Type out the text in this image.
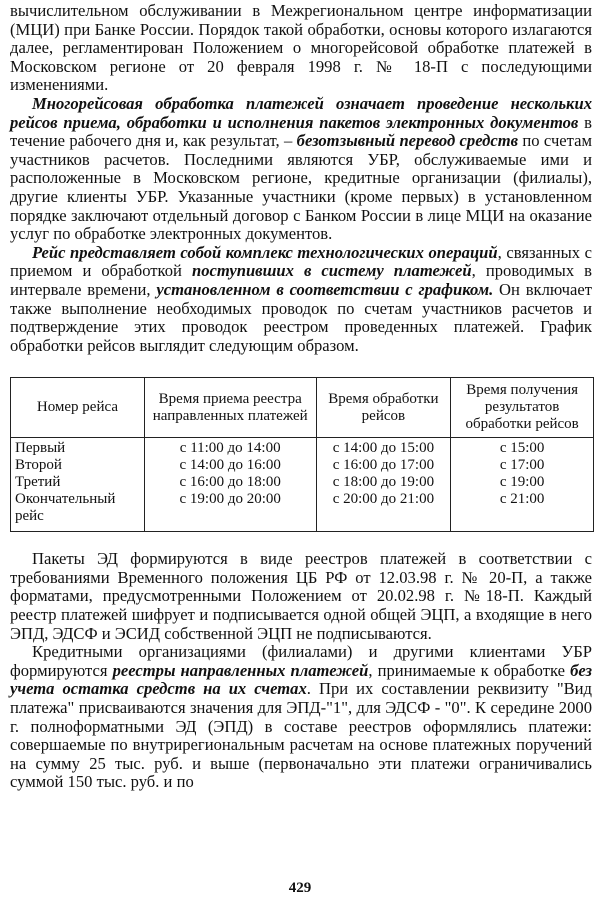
вычислительном обслуживании в Межрегиональном центре информатизации (МЦИ) при Банке России. Порядок такой обработки, основы которого излагаются далее, регламентирован Положением о многорейсовой обработке платежей в Московском регионе от 20 февраля 1998 г. № 18-П с последующими изменениями.

Многорейсовая обработка платежей означает проведение нескольких рейсов приема, обработки и исполнения пакетов электронных документов в течение рабочего дня и, как результат, – безотзывный перевод средств по счетам участников расчетов. Последними являются УБР, обслуживаемые ими и расположенные в Московском регионе, кредитные организации (филиалы), другие клиенты УБР. Указанные участники (кроме первых) в установленном порядке заключают отдельный договор с Банком России в лице МЦИ на оказание услуг по обработке электронных документов.

Рейс представляет собой комплекс технологических операций, связанных с приемом и обработкой поступивших в систему платежей, проводимых в интервале времени, установленном в соответствии с графиком. Он включает также выполнение необходимых проводок по счетам участников расчетов и подтверждение этих проводок реестром проведенных платежей. График обработки рейсов выглядит следующим образом.

Номер рейса	Время приема реестра направленных платежей	Время обработки рейсов	Время получения результатов обработки рейсов
Первый	с 11:00 до 14:00	с 14:00 до 15:00	с 15:00
Второй	с 14:00 до 16:00	с 16:00 до 17:00	с 17:00
Третий	с 16:00 до 18:00	с 18:00 до 19:00	с 19:00
Окончательный рейс	с 19:00 до 20:00	с 20:00 до 21:00	с 21:00

Пакеты ЭД формируются в виде реестров платежей в соответствии с требованиями Временного положения ЦБ РФ от 12.03.98 г. № 20-П, а также форматами, предусмотренными Положением от 20.02.98 г. №18-П. Каждый реестр платежей шифрует и подписывается одной общей ЭЦП, а входящие в него ЭПД, ЭДСФ и ЭСИД собственной ЭЦП не подписываются.

Кредитными организациями (филиалами) и другими клиентами УБР формируются реестры направленных платежей, принимаемые к обработке без учета остатка средств на их счетах. При их составлении реквизиту "Вид платежа" присваиваются значения для ЭПД-"1", для ЭДСФ - "0". К середине 2000 г. полноформатными ЭД (ЭПД) в составе реестров оформлялись платежи: совершаемые по внутрирегиональным расчетам на основе платежных поручений на сумму 25 тыс. руб. и выше (первоначально эти платежи ограничивались суммой 150 тыс. руб. и по

429
